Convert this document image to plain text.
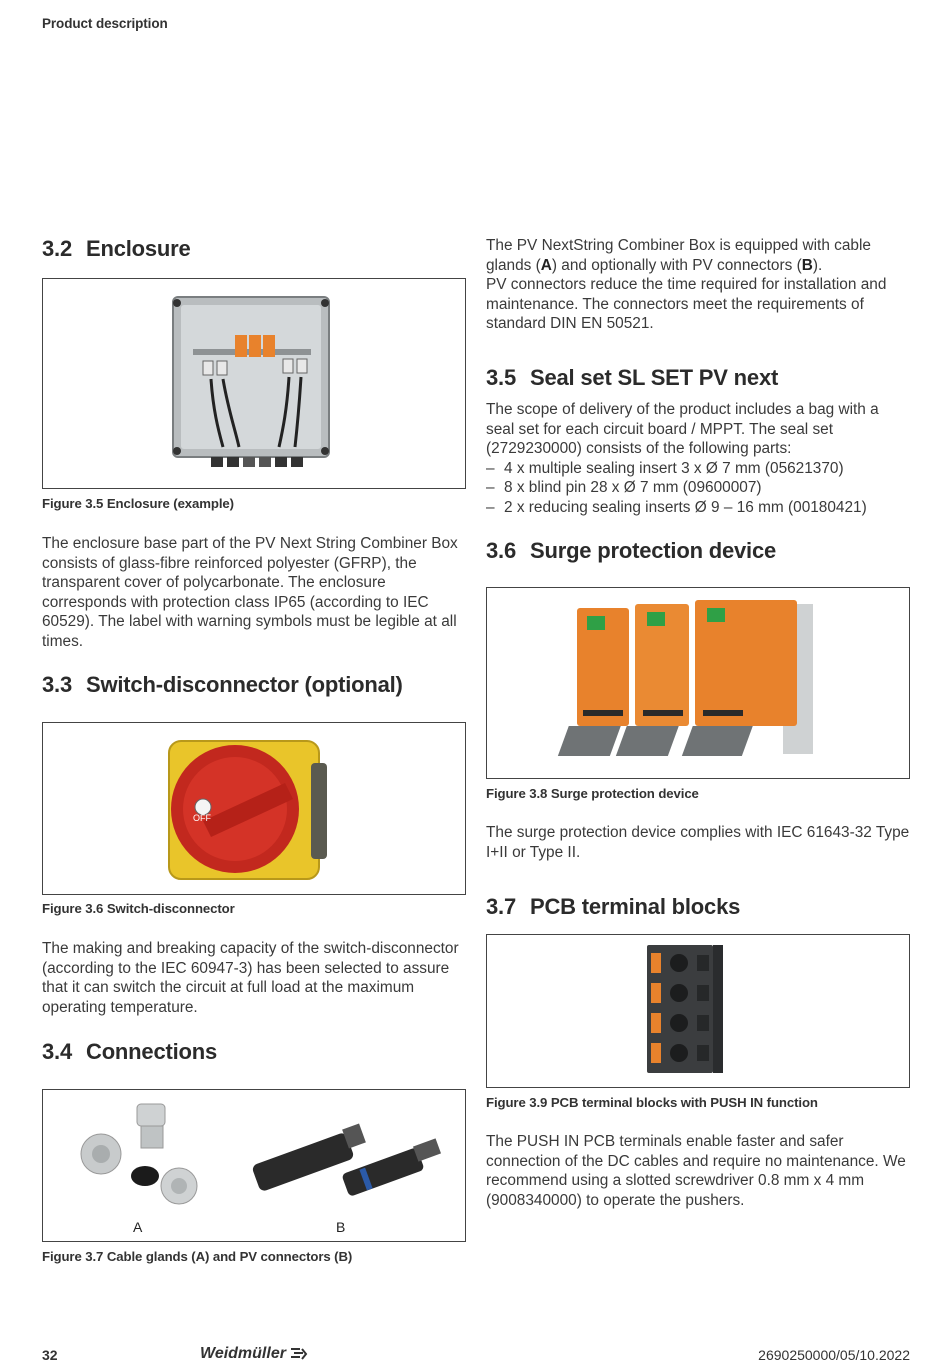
Product description
3.2 Enclosure
Figure 3.5 Enclosure (example)
The enclosure base part of the PV Next String Combiner Box consists of glass-fibre reinforced polyester (GFRP), the transparent cover of polycarbonate. The enclosure corresponds with protection class IP65 (according to IEC 60529). The label with warning symbols must be legible at all times.
3.3 Switch-disconnector (optional)
OFF
Figure 3.6 Switch-disconnector
The making and breaking capacity of the switch-disconnector (according to the IEC 60947-3) has been selected to assure that it can switch the circuit at full load at the maximum operating temperature.
3.4 Connections
A	B
Figure 3.7 Cable glands (A) and PV connectors (B)

The PV NextString Combiner Box is equipped with cable glands (A) and optionally with PV connectors (B).

PV connectors reduce the time required for installation and maintenance. The connectors meet the requirements of standard DIN EN 50521.

3.5 Seal set SL SET PV next

The scope of delivery of the product includes a bag with a seal set for each circuit board / MPPT. The seal set (2729230000) consists of the following parts:

– 4 x multiple sealing insert 3 x Ø 7 mm (05621370)
– 8 x blind pin 28 x Ø 7 mm (09600007)
– 2 x reducing sealing inserts Ø 9 – 16 mm (00180421)
3.6 Surge protection device
Figure 3.8 Surge protection device
The surge protection device complies with IEC 61643-32 Type I+II or Type II.
3.7 PCB terminal blocks
Figure 3.9 PCB terminal blocks with PUSH IN function
The PUSH IN PCB terminals enable faster and safer connection of the DC cables and require no maintenance. We recommend using a slotted screwdriver 0.8 mm x 4 mm (9008340000) to operate the pushers.
32	Weidmüller	2690250000/05/10.2022
